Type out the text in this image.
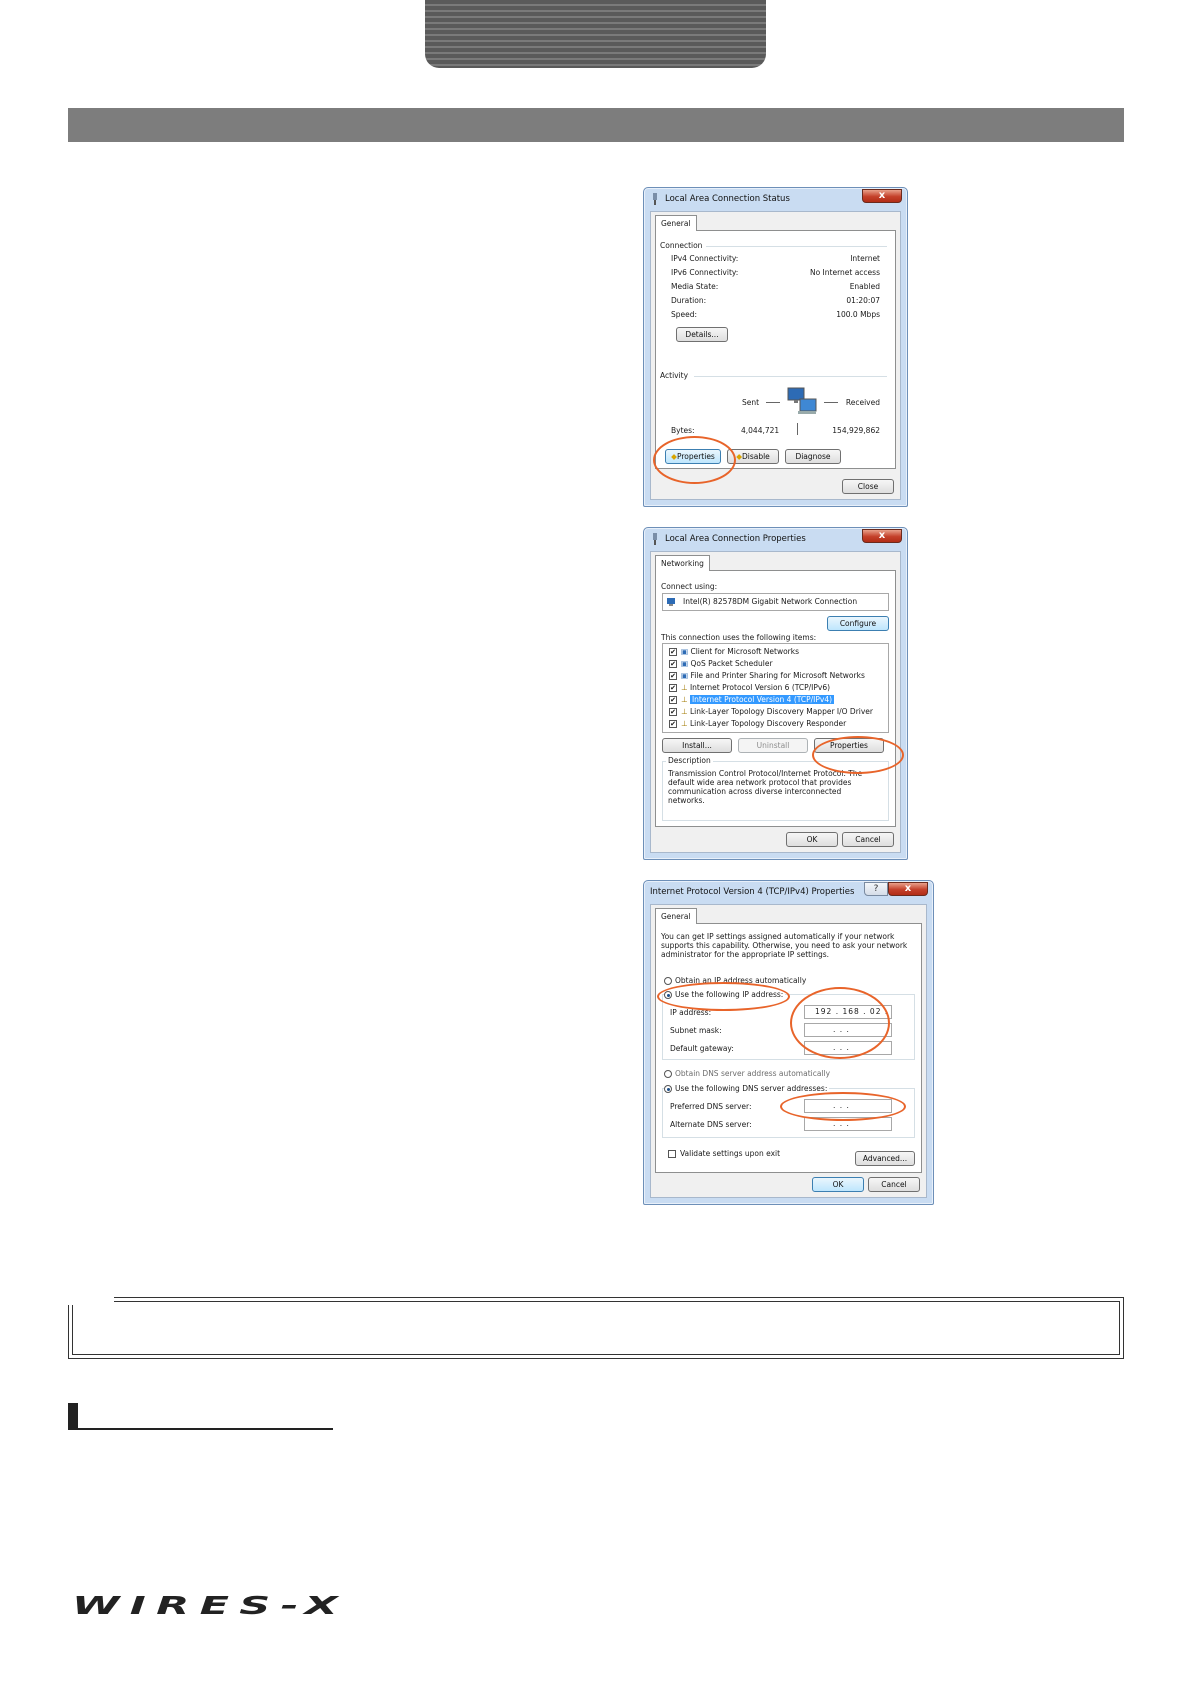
Local Area Connection Status	x
General
Connection
IPv4 Connectivity:	Internet
IPv6 Connectivity:	No Internet access
Media State:	Enabled
Duration:	01:20:07
Speed:	100.0 Mbps
Details...
Activity
Sent	Received
Bytes:	4,044,721	154,929,862
◆Properties	◆Disable	Diagnose
Close
Local Area Connection Properties	x
Networking
Connect using:
Intel(R) 82578DM Gigabit Network Connection
Configure
This connection uses the following items:
✔ ▣ Client for Microsoft Networks
✔ ▣ QoS Packet Scheduler
✔ ▣ File and Printer Sharing for Microsoft Networks
✔ ⊥ Internet Protocol Version 6 (TCP/IPv6)
✔ ⊥ Internet Protocol Version 4 (TCP/IPv4)
✔ ⊥ Link-Layer Topology Discovery Mapper I/O Driver
✔ ⊥ Link-Layer Topology Discovery Responder
Install...	Uninstall	Properties
Description
Transmission Control Protocol/Internet Protocol. The default wide area network protocol that provides communication across diverse interconnected networks.
OK	Cancel
Internet Protocol Version 4 (TCP/IPv4) Properties	?	x
General
You can get IP settings assigned automatically if your network supports this capability. Otherwise, you need to ask your network administrator for the appropriate IP settings.
Obtain an IP address automatically
Use the following IP address:
IP address:	192 . 168 . 02 .
Subnet mask:	. . .
Default gateway:	. . .
Obtain DNS server address automatically
Use the following DNS server addresses:
Preferred DNS server:	. . .
Alternate DNS server:	. . .
Validate settings upon exit
Advanced...
OK	Cancel
WIRES-X
